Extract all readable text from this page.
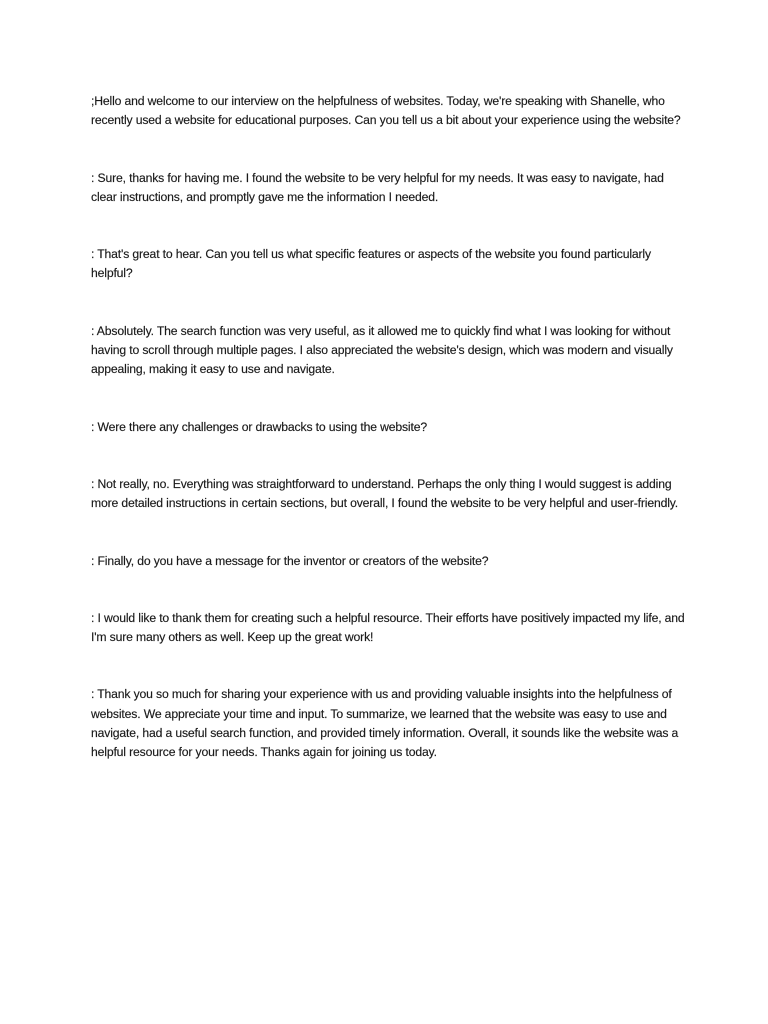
;Hello and welcome to our interview on the helpfulness of websites. Today, we're speaking with Shanelle, who recently used a website for educational purposes. Can you tell us a bit about your experience using the website?

: Sure, thanks for having me. I found the website to be very helpful for my needs. It was easy to navigate, had clear instructions, and promptly gave me the information I needed.

: That's great to hear. Can you tell us what specific features or aspects of the website you found particularly helpful?

: Absolutely. The search function was very useful, as it allowed me to quickly find what I was looking for without having to scroll through multiple pages. I also appreciated the website's design, which was modern and visually appealing, making it easy to use and navigate.

: Were there any challenges or drawbacks to using the website?

: Not really, no. Everything was straightforward to understand. Perhaps the only thing I would suggest is adding more detailed instructions in certain sections, but overall, I found the website to be very helpful and user-friendly.

: Finally, do you have a message for the inventor or creators of the website?

: I would like to thank them for creating such a helpful resource. Their efforts have positively impacted my life, and I'm sure many others as well. Keep up the great work!

: Thank you so much for sharing your experience with us and providing valuable insights into the helpfulness of websites. We appreciate your time and input. To summarize, we learned that the website was easy to use and navigate, had a useful search function, and provided timely information. Overall, it sounds like the website was a helpful resource for your needs. Thanks again for joining us today.
